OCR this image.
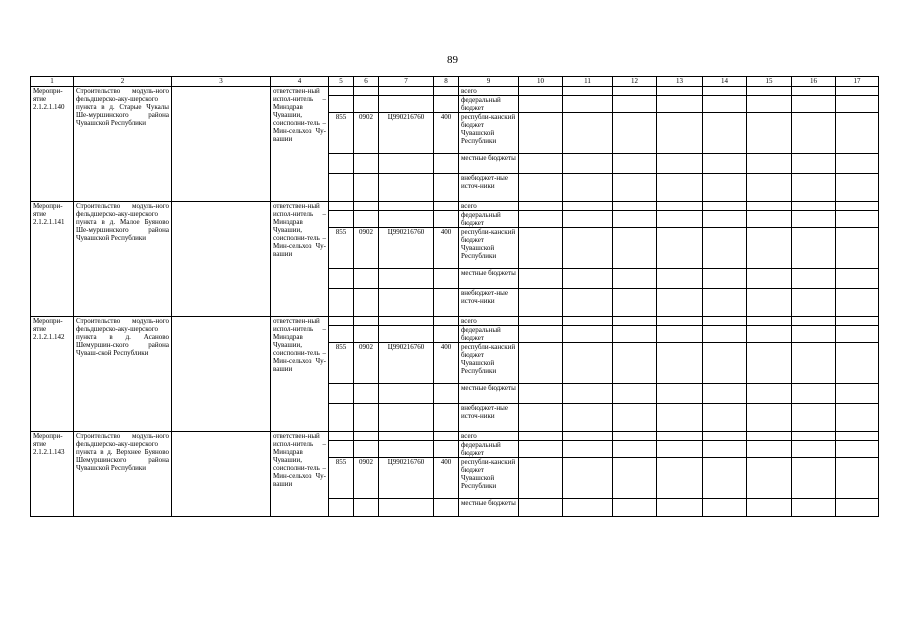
89
1	2	3	4	5	6	7	8	9	10	11	12	13	14	15	16	17
Меропри-ятие 2.1.2.1.140	Строительство модуль-ного фельдшерско-аку-шерского пункта в д. Старые Чукалы Ше-муршинского района Чувашской Республики		ответствен-ный испол-нитель – Минздрав Чувашии, соисполни-тель – Мин-сельхоз Чу-вашии					всего								
								федеральный бюджет								
				855	0902	Ц990216760	400	республи-канский бюджет Чувашской Республики								
								местные бюджеты								
								внебюджет-ные источ-ники								
Меропри-ятие 2.1.2.1.141	Строительство модуль-ного фельдшерско-аку-шерского пункта в д. Малое Буяново Ше-муршинского района Чувашской Республики		ответствен-ный испол-нитель – Минздрав Чувашии, соисполни-тель – Мин-сельхоз Чу-вашии					всего								
								федеральный бюджет								
				855	0902	Ц990216760	400	республи-канский бюджет Чувашской Республики								
								местные бюджеты								
								внебюджет-ные источ-ники								
Меропри-ятие 2.1.2.1.142	Строительство модуль-ного фельдшерско-аку-шерского пункта в д. Асаново Шемуршин-ского района Чуваш-ской Республики		ответствен-ный испол-нитель – Минздрав Чувашии, соисполни-тель – Мин-сельхоз Чу-вашии					всего								
								федеральный бюджет								
				855	0902	Ц990216760	400	республи-канский бюджет Чувашской Республики								
								местные бюджеты								
								внебюджет-ные источ-ники								
Меропри-ятие 2.1.2.1.143	Строительство модуль-ного фельдшерско-аку-шерского пункта в д. Верхнее Буяново Шемуршинского района Чувашской Республики		ответствен-ный испол-нитель – Минздрав Чувашии, соисполни-тель – Мин-сельхоз Чу-вашии					всего								
								федеральный бюджет								
				855	0902	Ц990216760	400	республи-канский бюджет Чувашской Республики								
								местные бюджеты								
